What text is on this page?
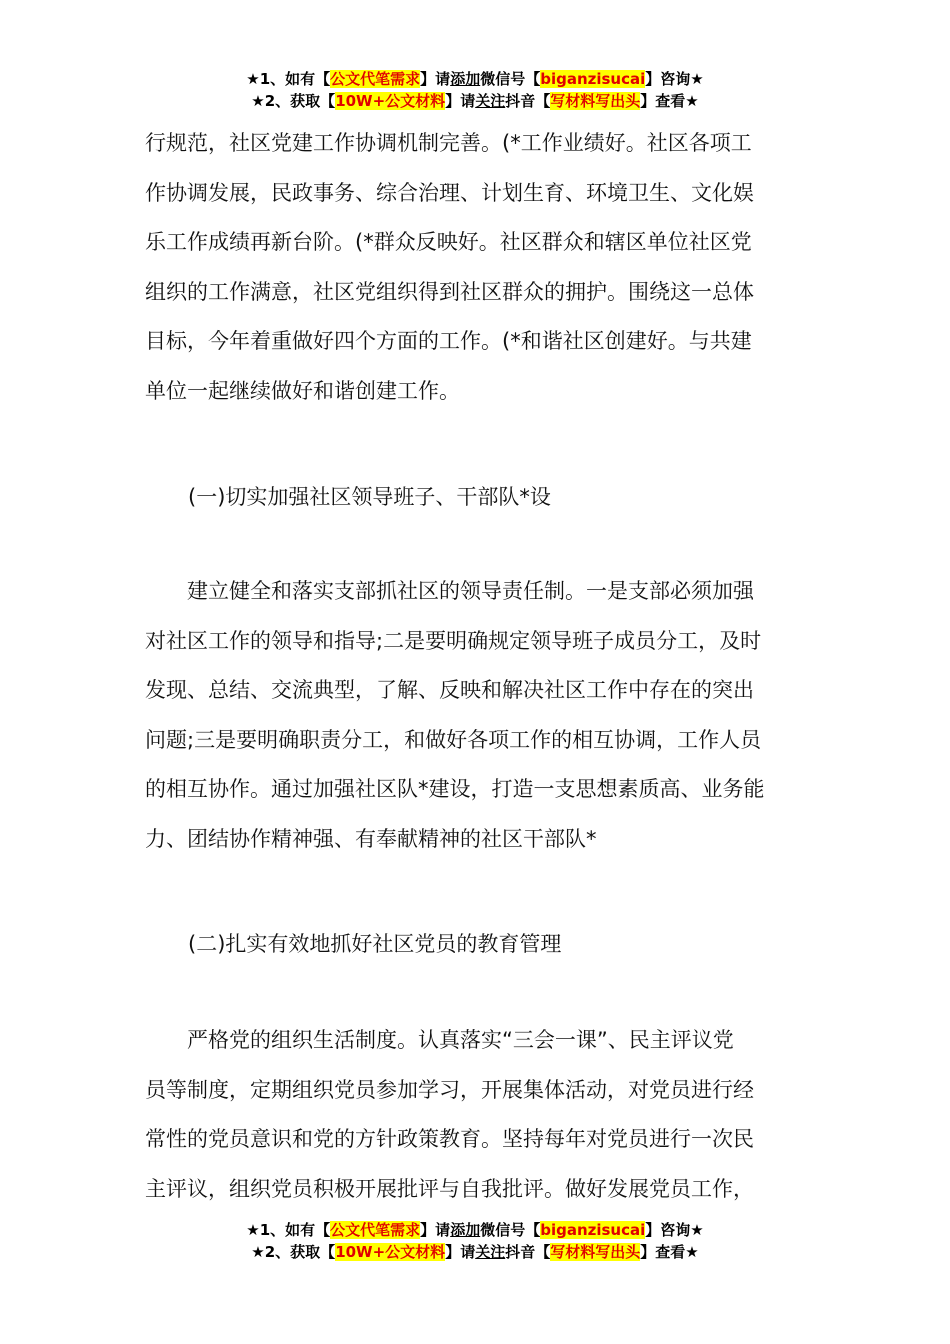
★1、如有【公文代笔需求】请添加微信号【biganzisucai】咨询★
★2、获取【10W+公文材料】请关注抖音【写材料写出头】查看★
行规范，社区党建工作协调机制完善。(*工作业绩好。社区各项工
作协调发展，民政事务、综合治理、计划生育、环境卫生、文化娱
乐工作成绩再新台阶。(*群众反映好。社区群众和辖区单位社区党
组织的工作满意，社区党组织得到社区群众的拥护。围绕这一总体
目标，今年着重做好四个方面的工作。(*和谐社区创建好。与共建
单位一起继续做好和谐创建工作。
(一)切实加强社区领导班子、干部队*设
　　建立健全和落实支部抓社区的领导责任制。一是支部必须加强
对社区工作的领导和指导;二是要明确规定领导班子成员分工，及时
发现、总结、交流典型，了解、反映和解决社区工作中存在的突出
问题;三是要明确职责分工，和做好各项工作的相互协调，工作人员
的相互协作。通过加强社区队*建设，打造一支思想素质高、业务能
力、团结协作精神强、有奉献精神的社区干部队*
(二)扎实有效地抓好社区党员的教育管理
　　严格党的组织生活制度。认真落实“三会一课”、民主评议党
员等制度，定期组织党员参加学习，开展集体活动，对党员进行经
常性的党员意识和党的方针政策教育。坚持每年对党员进行一次民
主评议，组织党员积极开展批评与自我批评。做好发展党员工作，
★1、如有【公文代笔需求】请添加微信号【biganzisucai】咨询★
★2、获取【10W+公文材料】请关注抖音【写材料写出头】查看★
